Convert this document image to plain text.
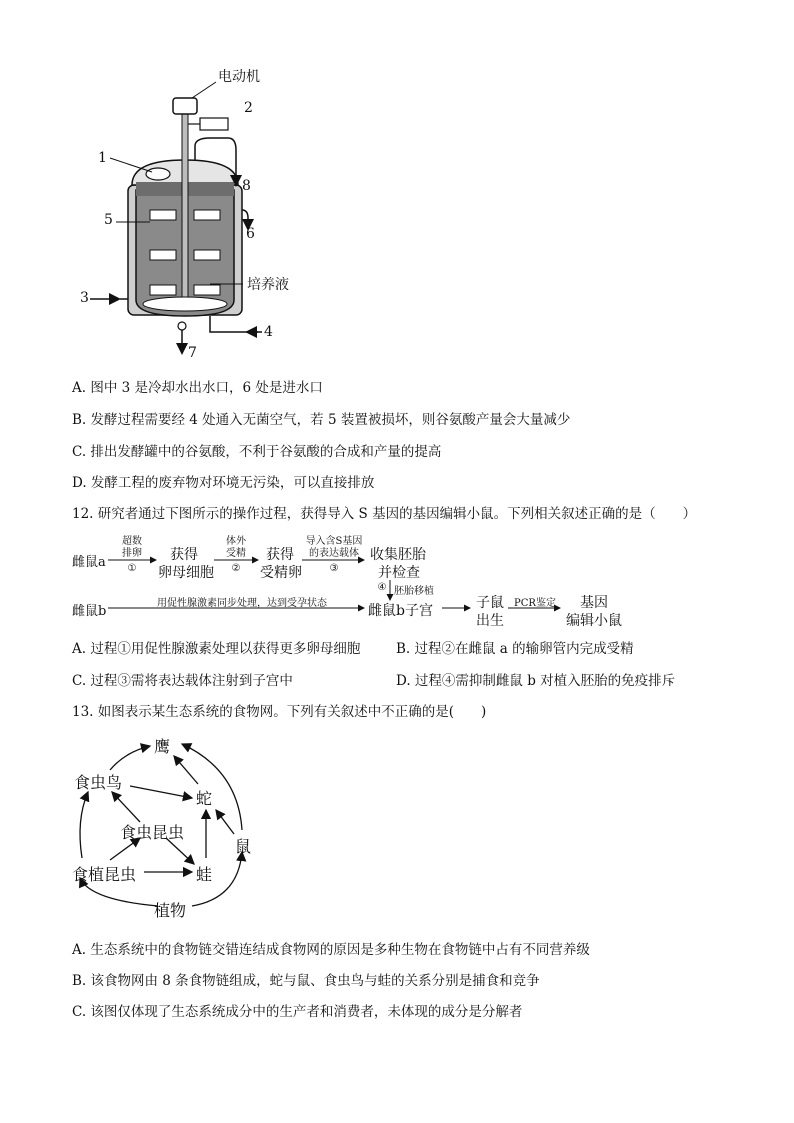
电动机
2
1
8
5
6
培养液
3
4
7
A. 图中 3 是冷却水出水口，6 处是进水口
B. 发酵过程需要经 4 处通入无菌空气，若 5 装置被损坏，则谷氨酸产量会大量减少
C. 排出发酵罐中的谷氨酸，不利于谷氨酸的合成和产量的提高
D. 发酵工程的废弃物对环境无污染，可以直接排放
12. 研究者通过下图所示的操作过程，获得导入 S 基因的基因编辑小鼠。下列相关叙述正确的是（　　）
雌鼠a
超数
排卵
①
获得
卵母细胞
体外
受精
②
获得
受精卵
导入含S基因
的表达载体
③
收集胚胎
并检查
④ 胚胎移植
雌鼠b
用促性腺激素同步处理，达到受孕状态	雌鼠b子宫	子鼠
出生
PCR鉴定 基因
编辑小鼠
A. 过程①用促性腺激素处理以获得更多卵母细胞	B. 过程②在雌鼠 a 的输卵管内完成受精
C. 过程③需将表达载体注射到子宫中	D. 过程④需抑制雌鼠 b 对植入胚胎的免疫排斥
13. 如图表示某生态系统的食物网。下列有关叙述中不正确的是(　　)
鹰
食虫鸟
蛇
食虫昆虫
鼠
食植昆虫	蛙
植物
A. 生态系统中的食物链交错连结成食物网的原因是多种生物在食物链中占有不同营养级
B. 该食物网由 8 条食物链组成，蛇与鼠、食虫鸟与蛙的关系分别是捕食和竞争
C. 该图仅体现了生态系统成分中的生产者和消费者，未体现的成分是分解者
